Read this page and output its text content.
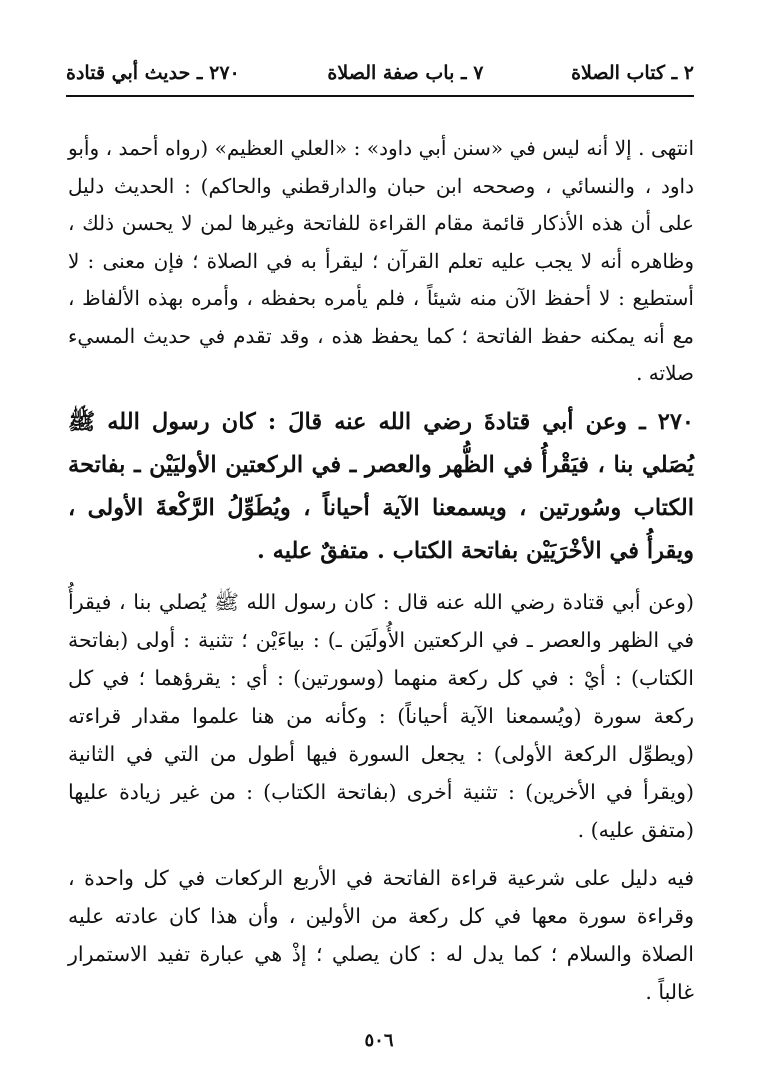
٢ ـ كتاب الصلاة
٧ ـ باب صفة الصلاة
٢٧٠ ـ حديث أبي قتادة

انتهى . إلا أنه ليس في «سنن أبي داود» : «العلي العظيم» (رواه أحمد ، وأبو داود ، والنسائي ، وصححه ابن حبان والدارقطني والحاكم) : الحديث دليل على أن هذه الأذكار قائمة مقام القراءة للفاتحة وغيرها لمن لا يحسن ذلك ، وظاهره أنه لا يجب عليه تعلم القرآن ؛ ليقرأ به في الصلاة ؛ فإن معنى : لا أستطيع : لا أحفظ الآن منه شيئاً ، فلم يأمره بحفظه ، وأمره بهذه الألفاظ ، مع أنه يمكنه حفظ الفاتحة ؛ كما يحفظ هذه ، وقد تقدم في حديث المسيء صلاته .

٢٧٠ ـ وعن أبي قتادةَ رضي الله عنه قالَ : كان رسول الله ﷺ يُصَلي بنا ، فيَقْرأُ في الظُّهر والعصر ـ في الركعتين الأوليَيْن ـ بفاتحة الكتاب وسُورتين ، ويسمعنا الآية أحياناً ، ويُطَوِّلُ الرَّكْعةَ الأولى ، ويقرأُ في الأخْرَيَيْن بفاتحة الكتاب . متفقٌ عليه .

(وعن أبي قتادة رضي الله عنه قال : كان رسول الله ﷺ يُصلي بنا ، فيقرأُ في الظهر والعصر ـ في الركعتين الأُولَيَن ـ) : بياءَيْن ؛ تثنية : أولى (بفاتحة الكتاب) : أيْ : في كل ركعة منهما (وسورتين) : أي : يقرؤهما ؛ في كل ركعة سورة (ويُسمعنا الآية أحياناً) : وكأنه من هنا علموا مقدار قراءته (ويطوِّل الركعة الأولى) : يجعل السورة فيها أطول من التي في الثانية (ويقرأ في الأخرين) : تثنية أخرى (بفاتحة الكتاب) : من غير زيادة عليها (متفق عليه) .

فيه دليل على شرعية قراءة الفاتحة في الأربع الركعات في كل واحدة ، وقراءة سورة معها في كل ركعة من الأولين ، وأن هذا كان عادته عليه الصلاة والسلام ؛ كما يدل له : كان يصلي ؛ إذْ هي عبارة تفيد الاستمرار غالباً .

٥٠٦
